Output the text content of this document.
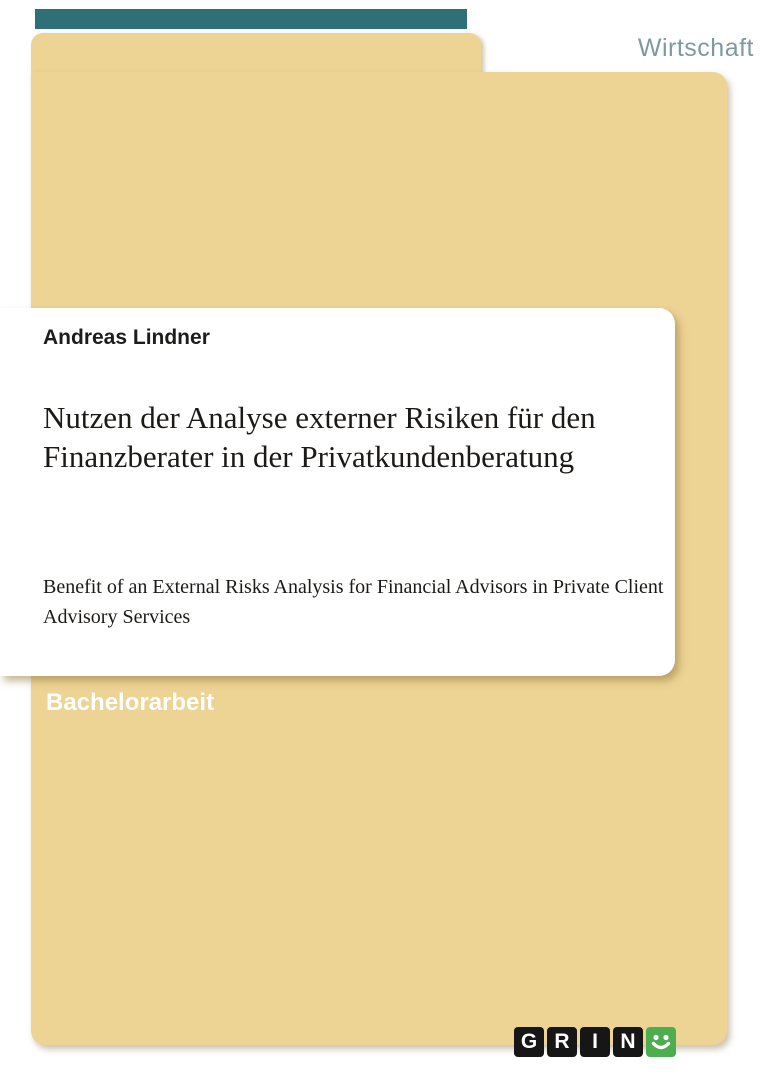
Wirtschaft
Andreas Lindner
Nutzen der Analyse externer Risiken für den Finanzberater in der Privatkundenberatung
Benefit of an External Risks Analysis for Financial Advisors in Private Client Advisory Services
Bachelorarbeit
G R	I	N
